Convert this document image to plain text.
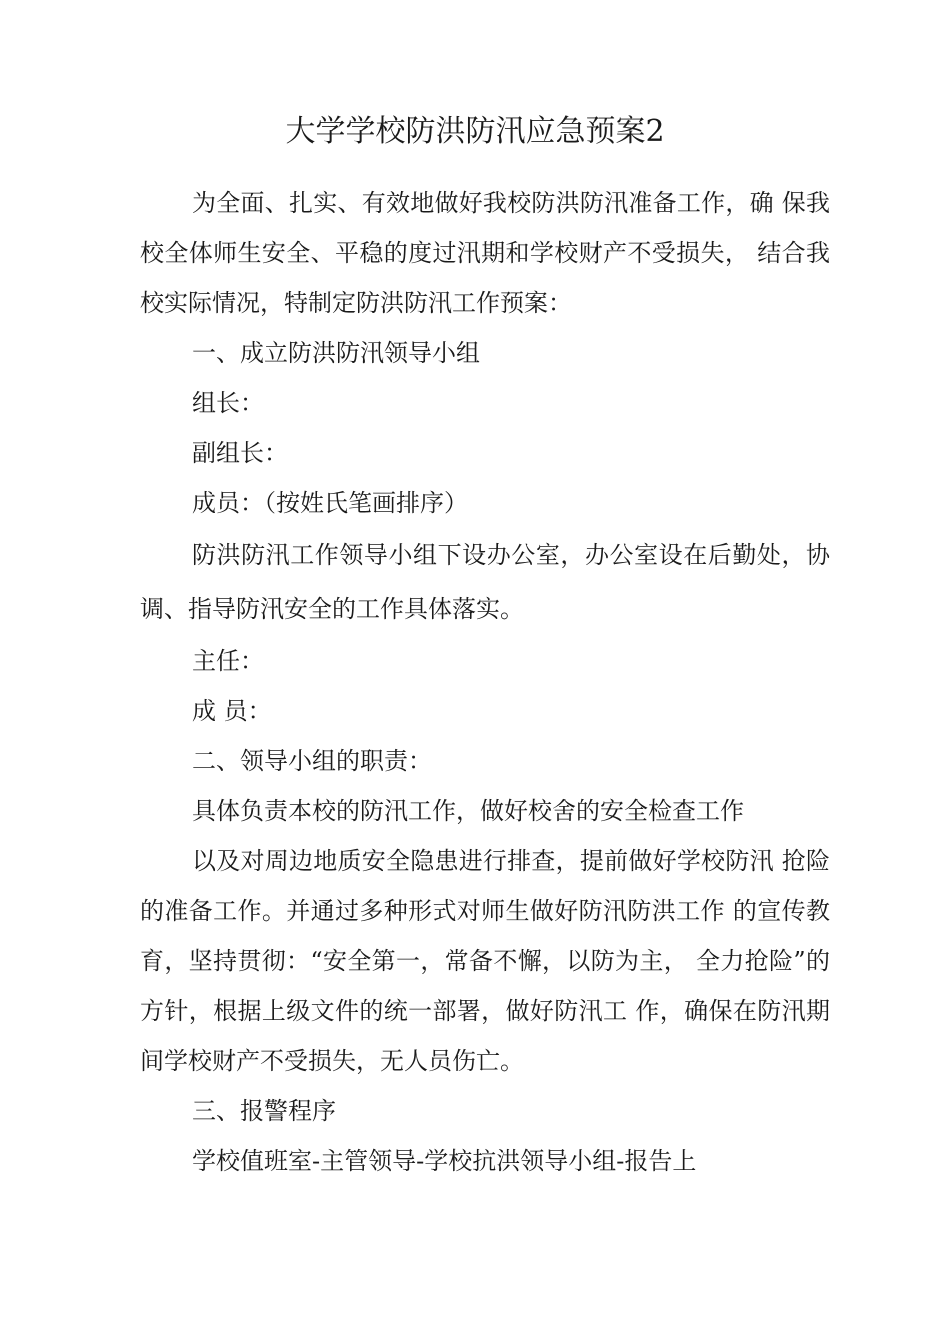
大学学校防洪防汛应急预案2

为全面、扎实、有效地做好我校防洪防汛准备工作，确 保我校全体师生安全、平稳的度过汛期和学校财产不受损失， 结合我校实际情况，特制定防洪防汛工作预案：

一、成立防洪防汛领导小组

组长：

副组长：

成员：（按姓氏笔画排序）

防洪防汛工作领导小组下设办公室，办公室设在后勤处，协调、指导防汛安全的工作具体落实。

主任：

成 员：

二、领导小组的职责：

具体负责本校的防汛工作，做好校舍的安全检查工作

以及对周边地质安全隐患进行排查，提前做好学校防汛 抢险的准备工作。并通过多种形式对师生做好防汛防洪工作 的宣传教育，坚持贯彻：“安全第一，常备不懈，以防为主， 全力抢险”的方针，根据上级文件的统一部署，做好防汛工 作，确保在防汛期间学校财产不受损失，无人员伤亡。

三、报警程序

学校值班室-主管领导-学校抗洪领导小组-报告上
